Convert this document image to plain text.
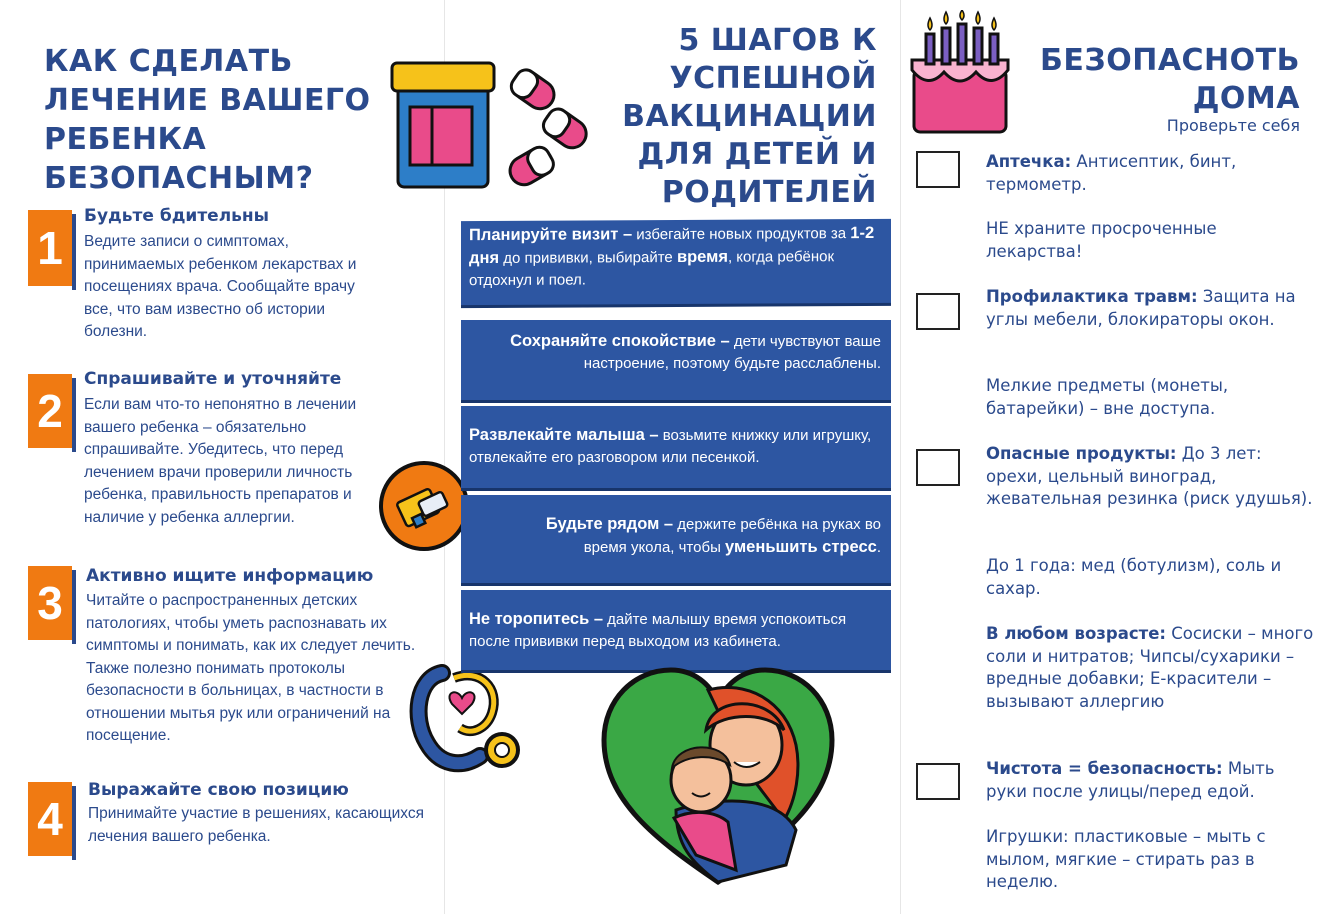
КАК СДЕЛАТЬ ЛЕЧЕНИЕ ВАШЕГО РЕБЕНКА БЕЗОПАСНЫМ?
1
Будьте бдительны
Ведите записи о симптомах, принимаемых ребенком лекарствах и посещениях врача. Сообщайте врачу все, что вам известно об истории болезни.
2
Спрашивайте и уточняйте
Если вам что-то непонятно в лечении вашего ребенка – обязательно спрашивайте. Убедитесь, что перед лечением врачи проверили личность ребенка, правильность препаратов и наличие у ребенка аллергии.
3
Активно ищите информацию
Читайте о распространенных детских патологиях, чтобы уметь распознавать их симптомы и понимать, как их следует лечить. Также полезно понимать протоколы безопасности в больницах, в частности в отношении мытья рук или ограничений на посещение.
4
Выражайте свою позицию
Принимайте участие в решениях, касающихся лечения вашего ребенка.
5 ШАГОВ К УСПЕШНОЙ ВАКЦИНАЦИИ ДЛЯ ДЕТЕЙ И РОДИТЕЛЕЙ
Планируйте визит – избегайте новых продуктов за 1-2 дня до прививки, выбирайте время, когда ребёнок отдохнул и поел.
Сохраняйте спокойствие – дети чувствуют ваше настроение, поэтому будьте расслаблены.
Развлекайте малыша – возьмите книжку или игрушку, отвлекайте его разговором или песенкой.
Будьте рядом – держите ребёнка на руках во время укола, чтобы уменьшить стресс.
Не торопитесь – дайте малышу время успокоиться после прививки перед выходом из кабинета.
БЕЗОПАСНОТЬ ДОМА
Проверьте себя
Аптечка: Антисептик, бинт, термометр.
НЕ храните просроченные лекарства!
Профилактика травм: Защита на углы мебели, блокираторы окон.
Мелкие предметы (монеты, батарейки) – вне доступа.
Опасные продукты: До 3 лет: орехи, цельный виноград, жевательная резинка (риск удушья).
До 1 года: мед (ботулизм), соль и сахар.
В любом возрасте: Сосиски – много соли и нитратов; Чипсы/сухарики – вредные добавки; Е-красители – вызывают аллергию
Чистота = безопасность: Мыть руки после улицы/перед едой.
Игрушки: пластиковые – мыть с мылом, мягкие – стирать раз в неделю.
